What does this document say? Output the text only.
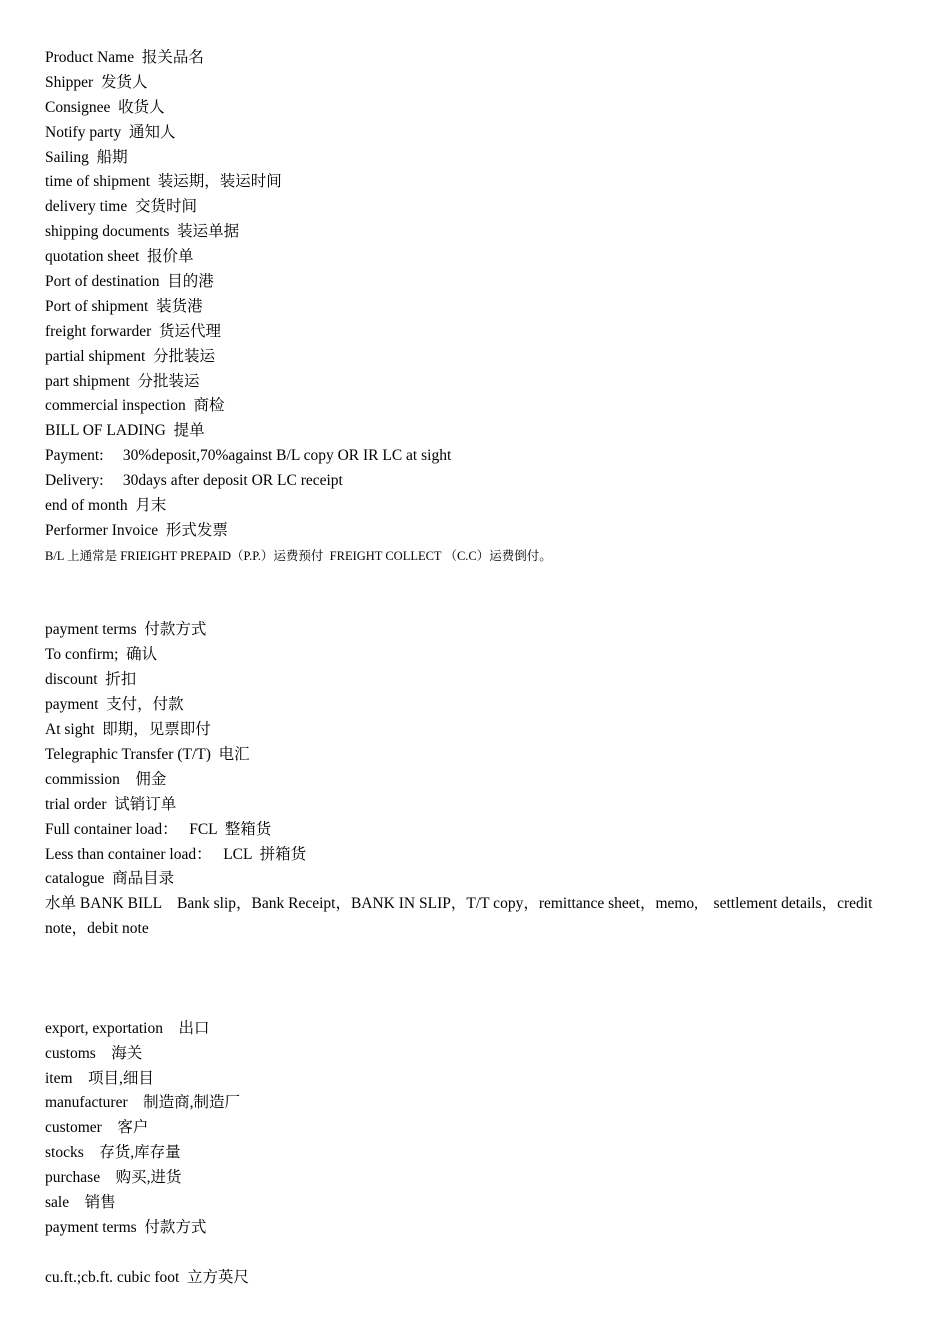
Product Name  报关品名
Shipper  发货人
Consignee  收货人
Notify party  通知人
Sailing  船期
time of shipment  装运期，装运时间
delivery time  交货时间
shipping documents  装运单据
quotation sheet  报价单
Port of destination  目的港
Port of shipment  装货港
freight forwarder  货运代理
partial shipment  分批装运
part shipment  分批装运
commercial inspection  商检
BILL OF LADING  提单
Payment:     30%deposit,70%against B/L copy OR IR LC at sight
Delivery:     30days after deposit OR LC receipt
end of month  月末
Performer Invoice  形式发票
B/L 上通常是 FRIEIGHT PREPAID（P.P.）运费预付  FREIGHT COLLECT （C.C）运费倒付。
payment terms  付款方式
To confirm;  确认
discount  折扣
payment  支付，付款
At sight  即期，见票即付
Telegraphic Transfer (T/T)  电汇
commission    佣金
trial order  试销订单
Full container load：   FCL  整箱货
Less than container load：   LCL  拼箱货
catalogue  商品目录
水单 BANK BILL    Bank slip，Bank Receipt，BANK IN SLIP，T/T copy，remittance sheet，memo,    settlement details，credit note，debit note
export, exportation    出口
customs    海关
item    项目,细目
manufacturer    制造商,制造厂
customer    客户
stocks    存货,库存量
purchase    购买,进货
sale    销售
payment terms  付款方式
cu.ft.;cb.ft. cubic foot  立方英尺
